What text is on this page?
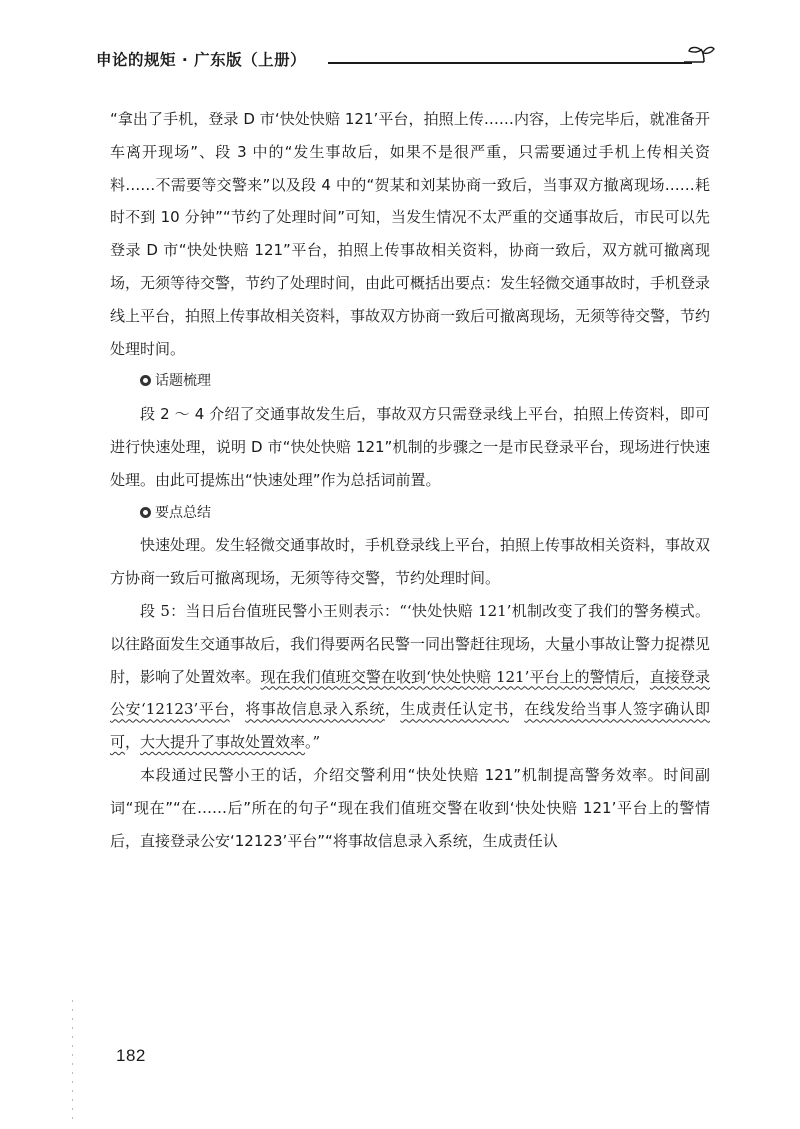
申论的规矩 · 广东版（上册）

“拿出了手机，登录 D 市‘快处快赔 121’平台，拍照上传……内容，上传完毕后，就准备开车离开现场”、段 3 中的“发生事故后，如果不是很严重，只需要通过手机上传相关资料……不需要等交警来”以及段 4 中的“贺某和刘某协商一致后，当事双方撤离现场……耗时不到 10 分钟”“节约了处理时间”可知，当发生情况不太严重的交通事故后，市民可以先登录 D 市“快处快赔 121”平台，拍照上传事故相关资料，协商一致后，双方就可撤离现场，无须等待交警，节约了处理时间，由此可概括出要点：发生轻微交通事故时，手机登录线上平台，拍照上传事故相关资料，事故双方协商一致后可撤离现场，无须等待交警，节约处理时间。

话题梳理

段 2 ～ 4 介绍了交通事故发生后，事故双方只需登录线上平台，拍照上传资料，即可进行快速处理，说明 D 市“快处快赔 121”机制的步骤之一是市民登录平台，现场进行快速处理。由此可提炼出“快速处理”作为总括词前置。

要点总结

快速处理。发生轻微交通事故时，手机登录线上平台，拍照上传事故相关资料，事故双方协商一致后可撤离现场，无须等待交警，节约处理时间。

段 5：当日后台值班民警小王则表示：“‘快处快赔 121’机制改变了我们的警务模式。以往路面发生交通事故后，我们得要两名民警一同出警赶往现场，大量小事故让警力捉襟见肘，影响了处置效率。现在我们值班交警在收到‘快处快赔 121’平台上的警情后，直接登录公安‘12123’平台，将事故信息录入系统，生成责任认定书，在线发给当事人签字确认即可，大大提升了事故处置效率。”

本段通过民警小王的话，介绍交警利用“快处快赔 121”机制提高警务效率。时间副词“现在”“在……后”所在的句子“现在我们值班交警在收到‘快处快赔 121’平台上的警情后，直接登录公安‘12123’平台”“将事故信息录入系统，生成责任认

182
